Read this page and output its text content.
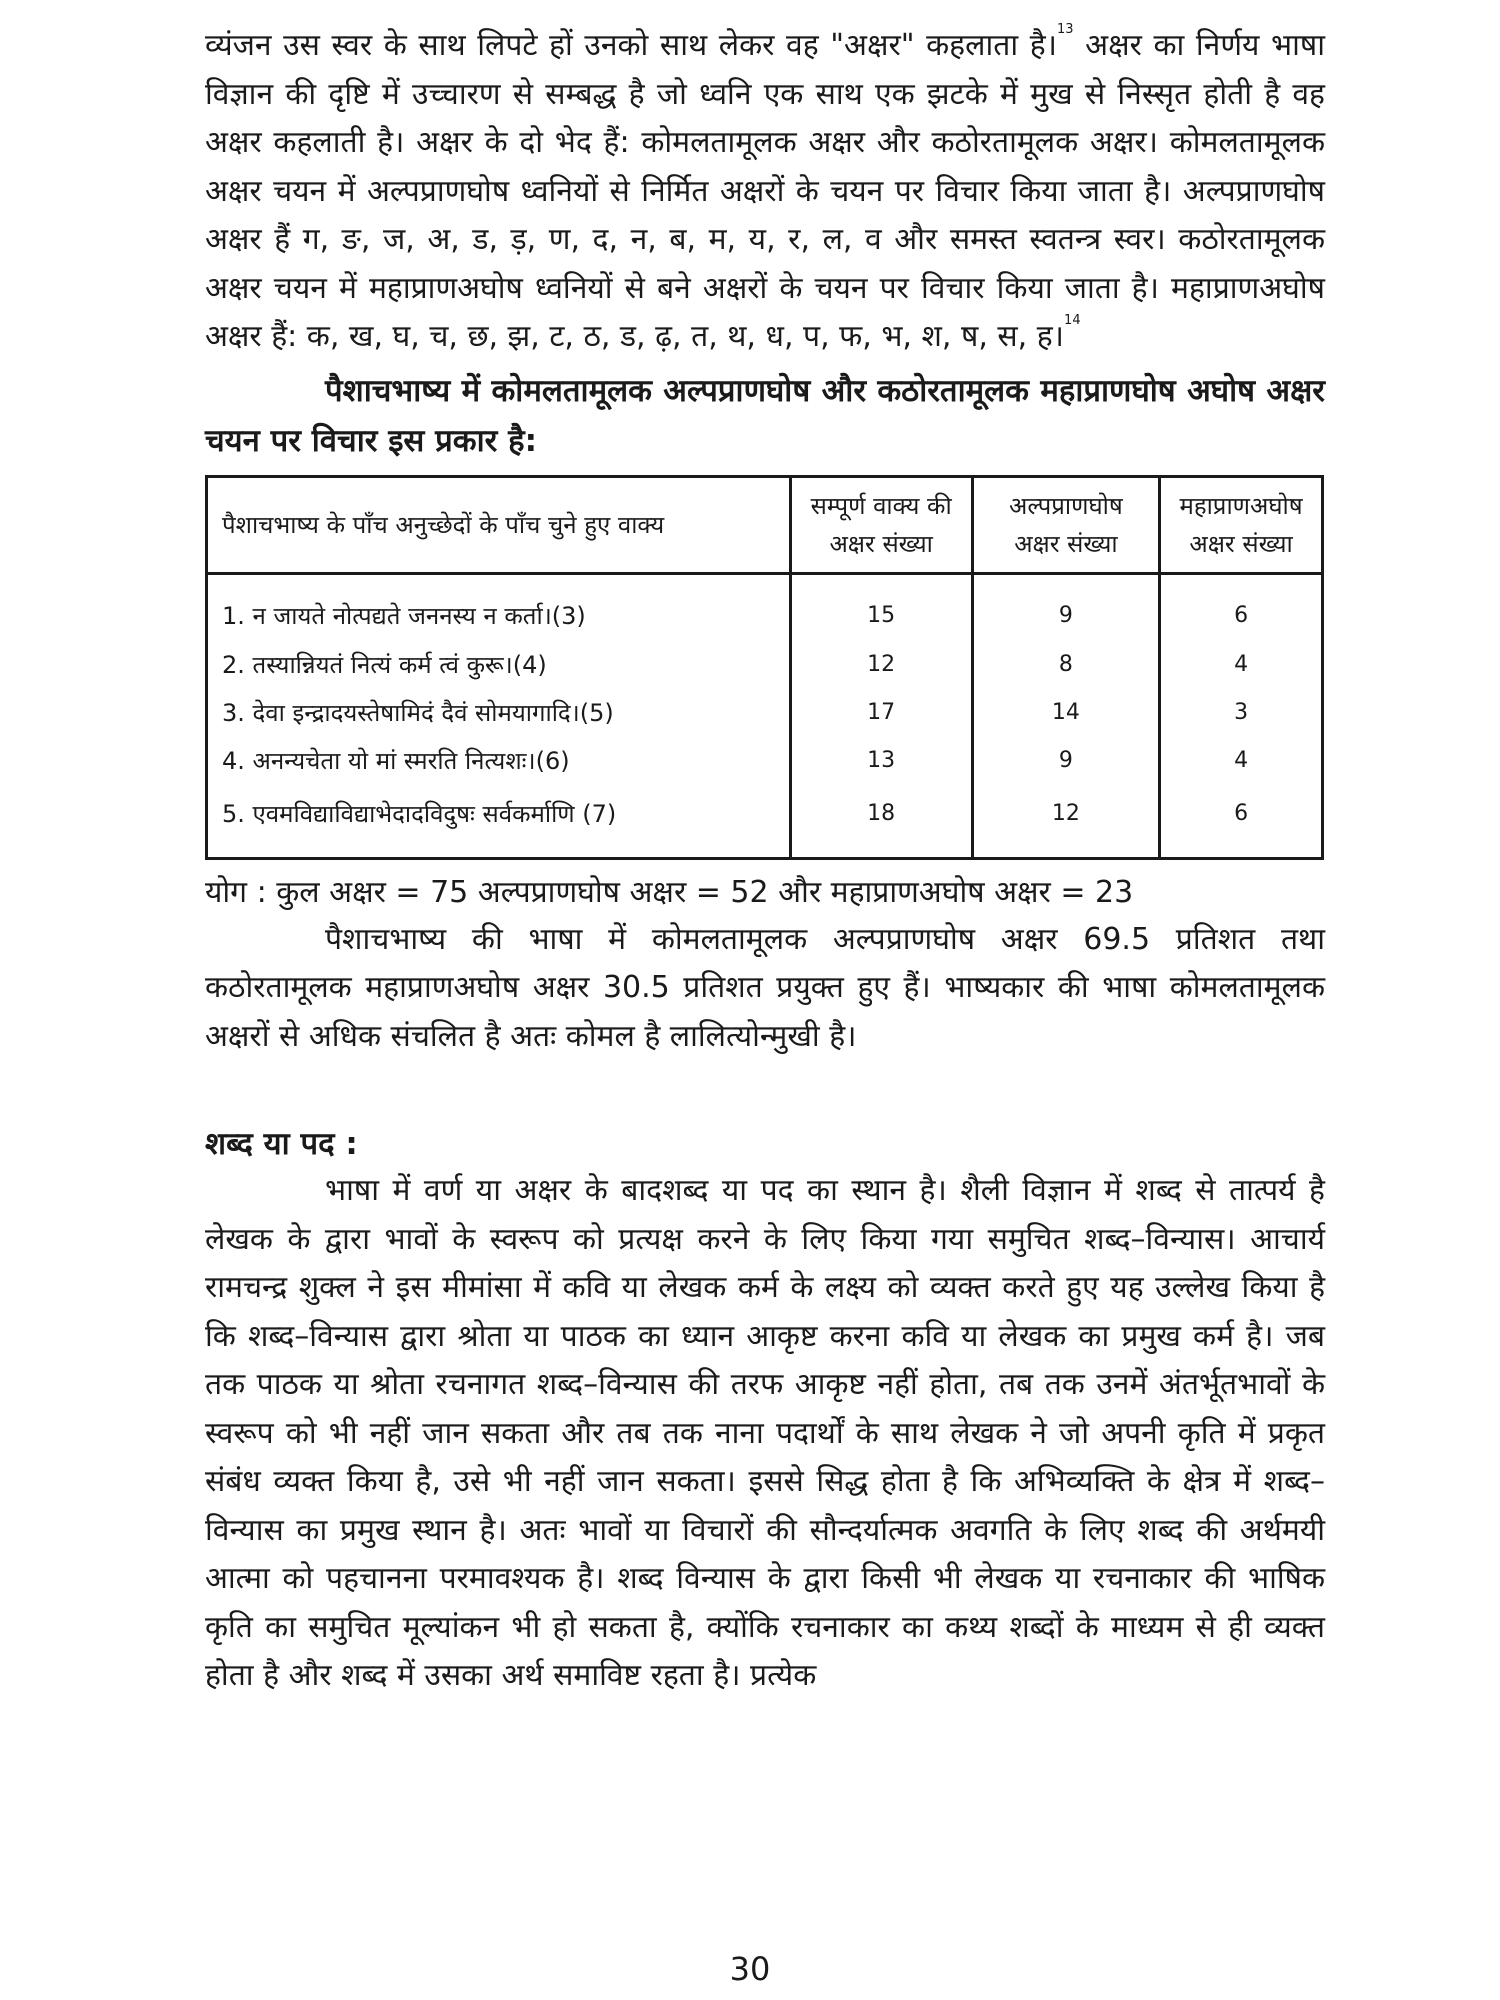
व्यंजन उस स्वर के साथ लिपटे हों उनको साथ लेकर वह "अक्षर" कहलाता है।$^{13}$ अक्षर का निर्णय भाषा विज्ञान की दृष्टि में उच्चारण से सम्बद्ध है जो ध्वनि एक साथ एक झटके में मुख से निस्सृत होती है वह अक्षर कहलाती है। अक्षर के दो भेद हैं: कोमलतामूलक अक्षर और कठोरतामूलक अक्षर। कोमलतामूलक अक्षर चयन में अल्पप्राणघोष ध्वनियों से निर्मित अक्षरों के चयन पर विचार किया जाता है। अल्पप्राणघोष अक्षर हैं ग, ङ, ज, अ, ड, ड़, ण, द, न, ब, म, य, र, ल, व और समस्त स्वतन्त्र स्वर। कठोरतामूलक अक्षर चयन में महाप्राणअघोष ध्वनियों से बने अक्षरों के चयन पर विचार किया जाता है। महाप्राणअघोष अक्षर हैं: क, ख, घ, च, छ, झ, ट, ठ, ड, ढ़, त, थ, ध, प, फ, भ, श, ष, स, ह।$^{14}$

पैशाचभाष्य में कोमलतामूलक अल्पप्राणघोष और कठोरतामूलक महाप्राणघोष अघोष अक्षर चयन पर विचार इस प्रकार है:

पैशाचभाष्य के पाँच अनुच्छेदों के पाँच चुने हुए वाक्य	सम्पूर्ण वाक्य की अक्षर संख्या	अल्पप्राणघोष अक्षर संख्या	महाप्राणअघोष अक्षर संख्या
1. न जायते नोत्पद्यते जननस्य न कर्ता।(3)	15	9	6
2. तस्यान्नियतं नित्यं कर्म त्वं कुरू।(4)	12	8	4
3. देवा इन्द्रादयस्तेषामिदं दैवं सोमयागादि।(5)	17	14	3
4. अनन्यचेता यो मां स्मरति नित्यशः।(6)	13	9	4
5. एवमविद्याविद्याभेदादविदुषः सर्वकर्माणि (7)	18	12	6

योग : कुल अक्षर = 75 अल्पप्राणघोष अक्षर = 52 और महाप्राणअघोष अक्षर = 23

पैशाचभाष्य की भाषा में कोमलतामूलक अल्पप्राणघोष अक्षर 69.5 प्रतिशत तथा कठोरतामूलक महाप्राणअघोष अक्षर 30.5 प्रतिशत प्रयुक्त हुए हैं। भाष्यकार की भाषा कोमलतामूलक अक्षरों से अधिक संचलित है अतः कोमल है लालित्योन्मुखी है।

शब्द या पद :

भाषा में वर्ण या अक्षर के बादशब्द या पद का स्थान है। शैली विज्ञान में शब्द से तात्पर्य है लेखक के द्वारा भावों के स्वरूप को प्रत्यक्ष करने के लिए किया गया समुचित शब्द–विन्यास। आचार्य रामचन्द्र शुक्ल ने इस मीमांसा में कवि या लेखक कर्म के लक्ष्य को व्यक्त करते हुए यह उल्लेख किया है कि शब्द–विन्यास द्वारा श्रोता या पाठक का ध्यान आकृष्ट करना कवि या लेखक का प्रमुख कर्म है। जब तक पाठक या श्रोता रचनागत शब्द–विन्यास की तरफ आकृष्ट नहीं होता, तब तक उनमें अंतर्भूतभावों के स्वरूप को भी नहीं जान सकता और तब तक नाना पदार्थों के साथ लेखक ने जो अपनी कृति में प्रकृत संबंध व्यक्त किया है, उसे भी नहीं जान सकता। इससे सिद्ध होता है कि अभिव्यक्ति के क्षेत्र में शब्द–विन्यास का प्रमुख स्थान है। अतः भावों या विचारों की सौन्दर्यात्मक अवगति के लिए शब्द की अर्थमयी आत्मा को पहचानना परमावश्यक है। शब्द विन्यास के द्वारा किसी भी लेखक या रचनाकार की भाषिक कृति का समुचित मूल्यांकन भी हो सकता है, क्योंकि रचनाकार का कथ्य शब्दों के माध्यम से ही व्यक्त होता है और शब्द में उसका अर्थ समाविष्ट रहता है। प्रत्येक

30
